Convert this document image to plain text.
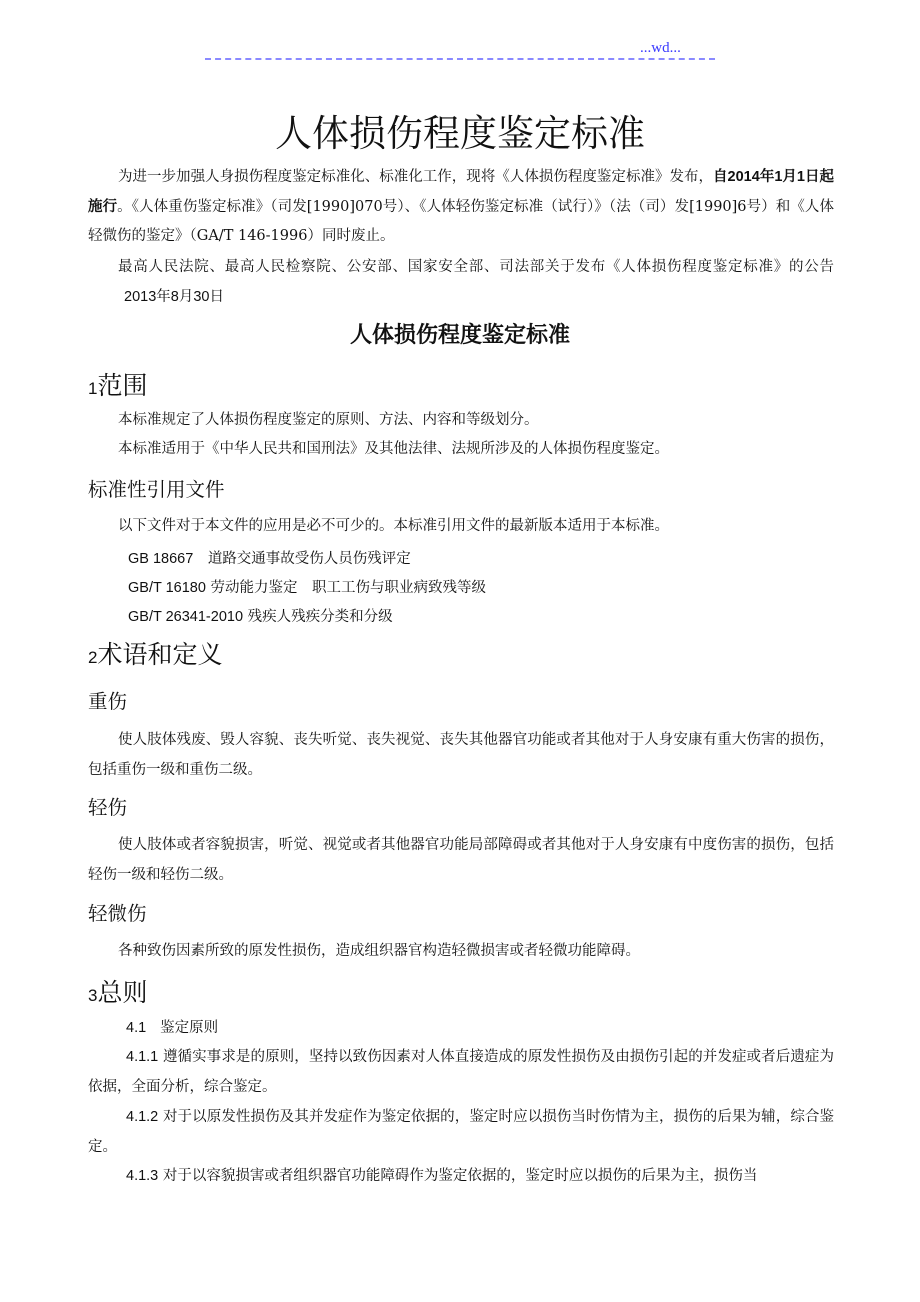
...wd...
人体损伤程度鉴定标准
为进一步加强人身损伤程度鉴定标准化、标准化工作，现将《人体损伤程度鉴定标准》发布，自2014年1月1日起施行。《人体重伤鉴定标准》（司发[1990]070号）、《人体轻伤鉴定标准（试行）》（法（司）发[1990]6号）和《人体轻微伤的鉴定》（GA/T 146-1996）同时废止。
最高人民法院、最高人民检察院、公安部、国家安全部、司法部关于发布《人体损伤程度鉴定标准》的公告2013年8月30日
人体损伤程度鉴定标准
1范围
本标准规定了人体损伤程度鉴定的原则、方法、内容和等级划分。
本标准适用于《中华人民共和国刑法》及其他法律、法规所涉及的人体损伤程度鉴定。
标准性引用文件
以下文件对于本文件的应用是必不可少的。本标准引用文件的最新版本适用于本标准。
GB 18667　 道路交通事故受伤人员伤残评定
GB/T 16180 劳动能力鉴定　职工工伤与职业病致残等级
GB/T 26341-2010 残疾人残疾分类和分级
2术语和定义
重伤
使人肢体残废、毁人容貌、丧失听觉、丧失视觉、丧失其他器官功能或者其他对于人身安康有重大伤害的损伤，包括重伤一级和重伤二级。
轻伤
使人肢体或者容貌损害，听觉、视觉或者其他器官功能局部障碍或者其他对于人身安康有中度伤害的损伤，包括轻伤一级和轻伤二级。
轻微伤
各种致伤因素所致的原发性损伤，造成组织器官构造轻微损害或者轻微功能障碍。
3总则
4.1 鉴定原则
4.1.1 遵循实事求是的原则，坚持以致伤因素对人体直接造成的原发性损伤及由损伤引起的并发症或者后遗症为依据，全面分析，综合鉴定。
4.1.2 对于以原发性损伤及其并发症作为鉴定依据的，鉴定时应以损伤当时伤情为主，损伤的后果为辅，综合鉴定。
4.1.3 对于以容貌损害或者组织器官功能障碍作为鉴定依据的，鉴定时应以损伤的后果为主，损伤当
